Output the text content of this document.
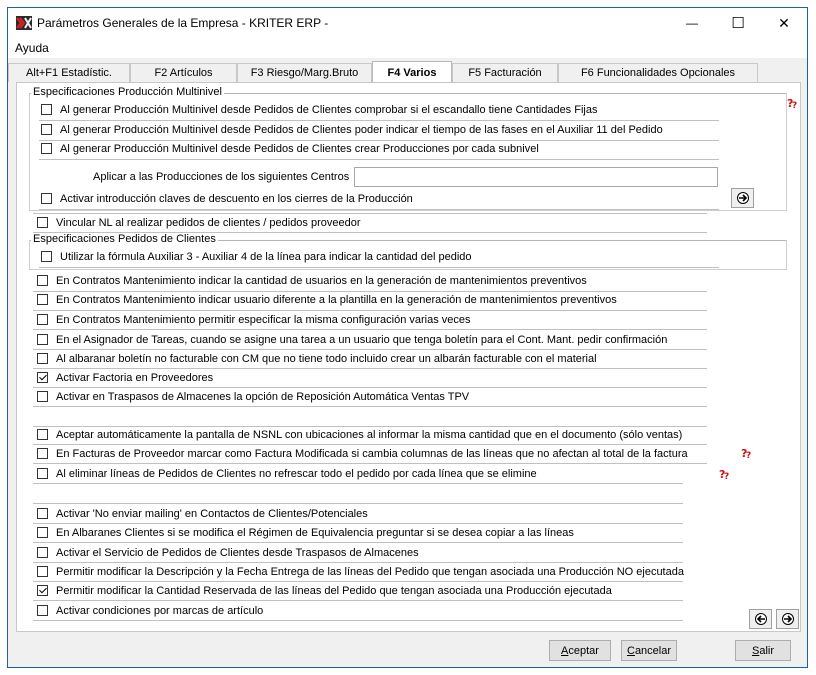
Parámetros Generales de la Empresa - KRITER ERP -	— ☐ ✕
Ayuda
Alt+F1 Estadístic.	F2 Artículos	F3 Riesgo/Marg.Bruto	F4 Varios	F5 Facturación	F6 Funcionalidades Opcionales
Especificaciones Producción Multinivel
Al generar Producción Multinivel desde Pedidos de Clientes comprobar si el escandallo tiene Cantidades Fijas
Al generar Producción Multinivel desde Pedidos de Clientes poder indicar el tiempo de las fases en el Auxiliar 11 del Pedido
Al generar Producción Multinivel desde Pedidos de Clientes crear Producciones por cada subnivel
Aplicar a las Producciones de los siguientes Centros
Activar introducción claves de descuento en los cierres de la Producción
Vincular NL al realizar pedidos de clientes / pedidos proveedor
Especificaciones Pedidos de Clientes
Utilizar la fórmula Auxiliar 3 - Auxiliar 4 de la línea para indicar la cantidad del pedido
En Contratos Mantenimiento indicar la cantidad de usuarios en la generación de mantenimientos preventivos
En Contratos Mantenimiento indicar usuario diferente a la plantilla en la generación de mantenimientos preventivos
En Contratos Mantenimiento permitir especificar la misma configuración varias veces
En el Asignador de Tareas, cuando se asigne una tarea a un usuario que tenga boletín para el Cont. Mant. pedir confirmación
Al albaranar boletín no facturable con CM que no tiene todo incluido crear un albarán facturable con el material
Activar Factoria en Proveedores
Activar en Traspasos de Almacenes la opción de Reposición Automática Ventas TPV
Aceptar automáticamente la pantalla de NSNL con ubicaciones al informar la misma cantidad que en el documento (sólo ventas)
En Facturas de Proveedor marcar como Factura Modificada si cambia columnas de las líneas que no afectan al total de la factura
Al eliminar líneas de Pedidos de Clientes no refrescar todo el pedido por cada línea que se elimine
Activar 'No enviar mailing' en Contactos de Clientes/Potenciales
En Albaranes Clientes si se modifica el Régimen de Equivalencia preguntar si se desea copiar a las líneas
Activar el Servicio de Pedidos de Clientes desde Traspasos de Almacenes
Permitir modificar la Descripción y la Fecha Entrega de las líneas del Pedido que tengan asociada una Producción NO ejecutada
Permitir modificar la Cantidad Reservada de las líneas del Pedido que tengan asociada una Producción ejecutada
Activar condiciones por marcas de artículo
?
?
?
?
?
?
A ceptar	C ancelar	S alir
